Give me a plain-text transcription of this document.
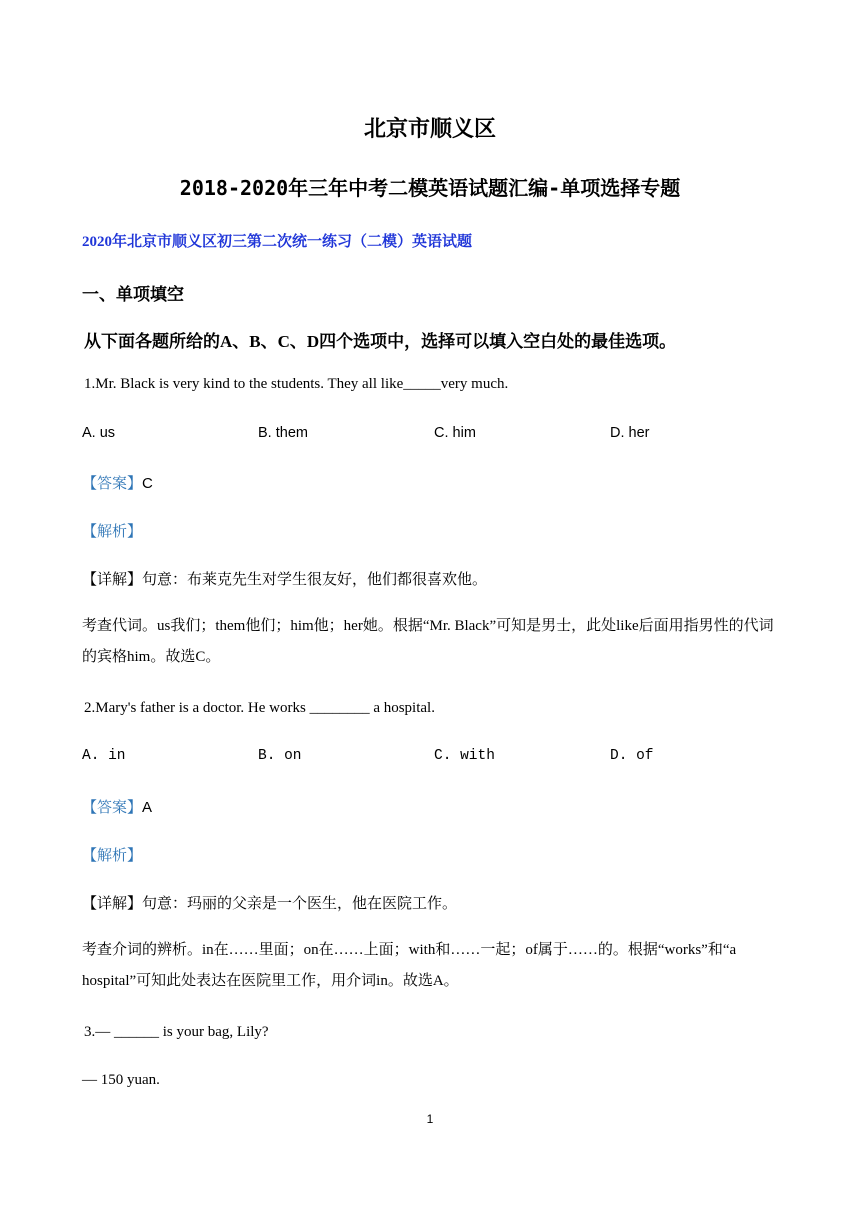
北京市顺义区
2018-2020年三年中考二模英语试题汇编-单项选择专题
2020年北京市顺义区初三第二次统一练习（二模）英语试题
一、单项填空
从下面各题所给的A、B、C、D四个选项中，选择可以填入空白处的最佳选项。
1.Mr. Black is very kind to the students. They all like_____very much.
A. us	B. them	C. him	D. her
【答案】C
【解析】
【详解】句意：布莱克先生对学生很友好，他们都很喜欢他。
考查代词。us我们；them他们；him他；her她。根据“Mr. Black”可知是男士，此处like后面用指男性的代词的宾格him。故选C。
2.Mary's father is a doctor. He works ________ a hospital.
A. in	B. on	C. with	D. of
【答案】A
【解析】
【详解】句意：玛丽的父亲是一个医生，他在医院工作。
考查介词的辨析。in在……里面；on在……上面；with和……一起；of属于……的。根据“works”和“a hospital”可知此处表达在医院里工作，用介词in。故选A。
3.— ______ is your bag, Lily?
— 150 yuan.
1
